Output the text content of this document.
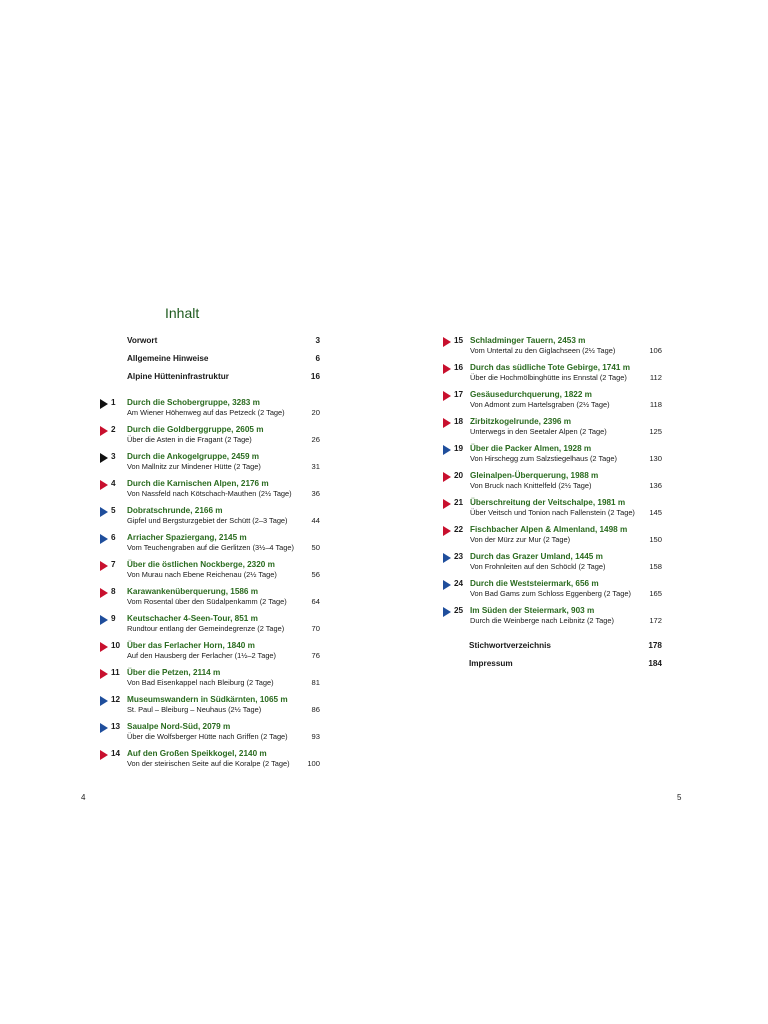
Inhalt
Vorwort	3
Allgemeine Hinweise	6
Alpine Hütteninfrastruktur	16
1 Durch die Schobergruppe, 3283 m
Am Wiener Höhenweg auf das Petzeck (2 Tage)	20
2 Durch die Goldberggruppe, 2605 m
Über die Asten in die Fragant (2 Tage)	26
3 Durch die Ankogelgruppe, 2459 m
Von Mallnitz zur Mindener Hütte (2 Tage)	31
4 Durch die Karnischen Alpen, 2176 m
Von Nassfeld nach Kötschach-Mauthen (2½ Tage)	36
5 Dobratschrunde, 2166 m
Gipfel und Bergsturzgebiet der Schütt (2–3 Tage)	44
6 Arriacher Spaziergang, 2145 m
Vom Teuchengraben auf die Gerlitzen (3½–4 Tage) 50
7 Über die östlichen Nockberge, 2320 m
Von Murau nach Ebene Reichenau (2½ Tage)	56
8 Karawankenüberquerung, 1586 m
Vom Rosental über den Südalpenkamm (2 Tage)	64
9 Keutschacher 4-Seen-Tour, 851 m
Rundtour entlang der Gemeindegrenze (2 Tage)	70
10 Über das Ferlacher Horn, 1840 m
Auf den Hausberg der Ferlacher (1½–2 Tage)	76
11 Über die Petzen, 2114 m
Von Bad Eisenkappel nach Bleiburg (2 Tage)	81
12 Museumswandern in Südkärnten, 1065 m
St. Paul – Bleiburg – Neuhaus (2½ Tage)	86
13 Saualpe Nord-Süd, 2079 m
Über die Wolfsberger Hütte nach Griffen (2 Tage)	93
14 Auf den Großen Speikkogel, 2140 m
Von der steirischen Seite auf die Koralpe (2 Tage) 100
15 Schladminger Tauern, 2453 m
Vom Untertal zu den Giglachseen (2½ Tage)	106
16 Durch das südliche Tote Gebirge, 1741 m
Über die Hochmölbinghütte ins Ennstal (2 Tage)	112
17 Gesäusedurchquerung, 1822 m
Von Admont zum Hartelsgraben (2½ Tage)	118
18 Zirbitzkogelrunde, 2396 m
Unterwegs in den Seetaler Alpen (2 Tage)	125
19 Über die Packer Almen, 1928 m
Von Hirschegg zum Salzstiegelhaus (2 Tage)	130
20 Gleinalpen-Überquerung, 1988 m
Von Bruck nach Knittelfeld (2½ Tage)	136
21 Überschreitung der Veitschalpe, 1981 m
Über Veitsch und Tonion nach Fallenstein (2 Tage) 145
22 Fischbacher Alpen & Almenland, 1498 m
Von der Mürz zur Mur (2 Tage)	150
23 Durch das Grazer Umland, 1445 m
Von Frohnleiten auf den Schöckl (2 Tage)	158
24 Durch die Weststeiermark, 656 m
Von Bad Gams zum Schloss Eggenberg (2 Tage) 165
25 Im Süden der Steiermark, 903 m
Durch die Weinberge nach Leibnitz (2 Tage)	172
Stichwortverzeichnis	178
Impressum	184
4	5
